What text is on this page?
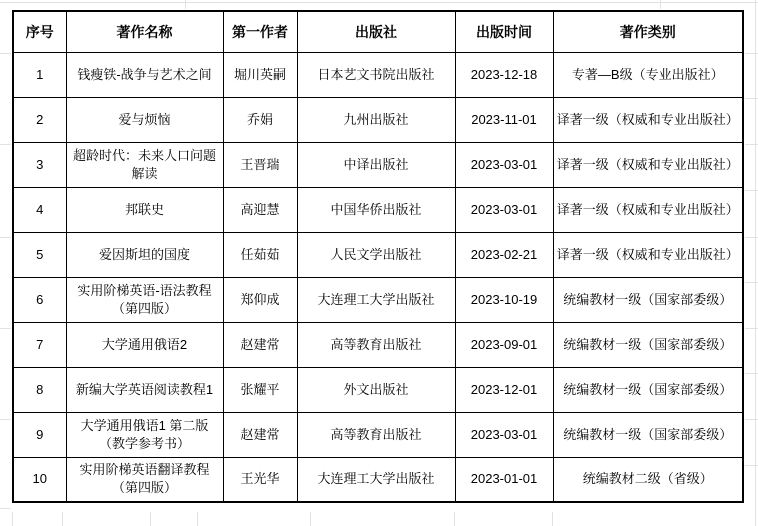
序号	著作名称	第一作者	出版社	出版时间	著作类别
1	钱瘦铁-战争与艺术之间	堀川英嗣	日本艺文书院出版社	2023-12-18	专著—B级（专业出版社）
2	爱与烦恼	乔娟	九州出版社	2023-11-01	译著一级（权威和专业出版社）
3	超龄时代：未来人口问题解读	王晋瑞	中译出版社	2023-03-01	译著一级（权威和专业出版社）
4	邦联史	高迎慧	中国华侨出版社	2023-03-01	译著一级（权威和专业出版社）
5	爱因斯坦的国度	任茹茹	人民文学出版社	2023-02-21	译著一级（权威和专业出版社）
6	实用阶梯英语-语法教程（第四版）	郑仰成	大连理工大学出版社	2023-10-19	统编教材一级（国家部委级）
7	大学通用俄语2	赵建常	高等教育出版社	2023-09-01	统编教材一级（国家部委级）
8	新编大学英语阅读教程1	张耀平	外文出版社	2023-12-01	统编教材一级（国家部委级）
9	大学通用俄语1 第二版（教学参考书）	赵建常	高等教育出版社	2023-03-01	统编教材一级（国家部委级）
10	实用阶梯英语翻译教程（第四版）	王光华	大连理工大学出版社	2023-01-01	统编教材二级（省级）
